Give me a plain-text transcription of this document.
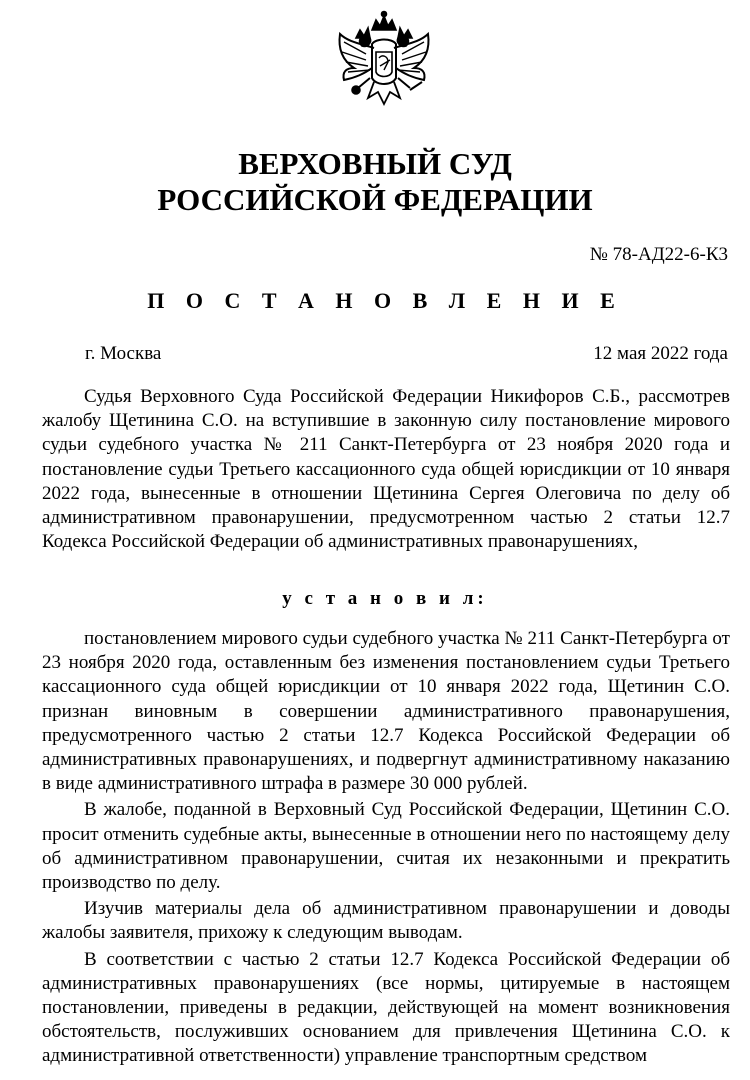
ВЕРХОВНЫЙ СУД
РОССИЙСКОЙ ФЕДЕРАЦИИ
№ 78-АД22-6-К3
П О С Т А Н О В Л Е Н И Е
г. Москва	12 мая 2022 года

Судья Верховного Суда Российской Федерации Никифоров С.Б., рассмотрев жалобу Щетинина С.О. на вступившие в законную силу постановление мирового судьи судебного участка № 211 Санкт-Петербурга от 23 ноября 2020 года и постановление судьи Третьего кассационного суда общей юрисдикции от 10 января 2022 года, вынесенные в отношении Щетинина Сергея Олеговича по делу об административном правонарушении, предусмотренном частью 2 статьи 12.7 Кодекса Российской Федерации об административных правонарушениях,

у с т а н о в и л:

постановлением мирового судьи судебного участка № 211 Санкт-Петербурга от 23 ноября 2020 года, оставленным без изменения постановлением судьи Третьего кассационного суда общей юрисдикции от 10 января 2022 года, Щетинин С.О. признан виновным в совершении административного правонарушения, предусмотренного частью 2 статьи 12.7 Кодекса Российской Федерации об административных правонарушениях, и подвергнут административному наказанию в виде административного штрафа в размере 30 000 рублей.

В жалобе, поданной в Верховный Суд Российской Федерации, Щетинин С.О. просит отменить судебные акты, вынесенные в отношении него по настоящему делу об административном правонарушении, считая их незаконными и прекратить производство по делу.

Изучив материалы дела об административном правонарушении и доводы жалобы заявителя, прихожу к следующим выводам.

В соответствии с частью 2 статьи 12.7 Кодекса Российской Федерации об административных правонарушениях (все нормы, цитируемые в настоящем постановлении, приведены в редакции, действующей на момент возникновения обстоятельств, послуживших основанием для привлечения Щетинина С.О. к административной ответственности) управление транспортным средством
